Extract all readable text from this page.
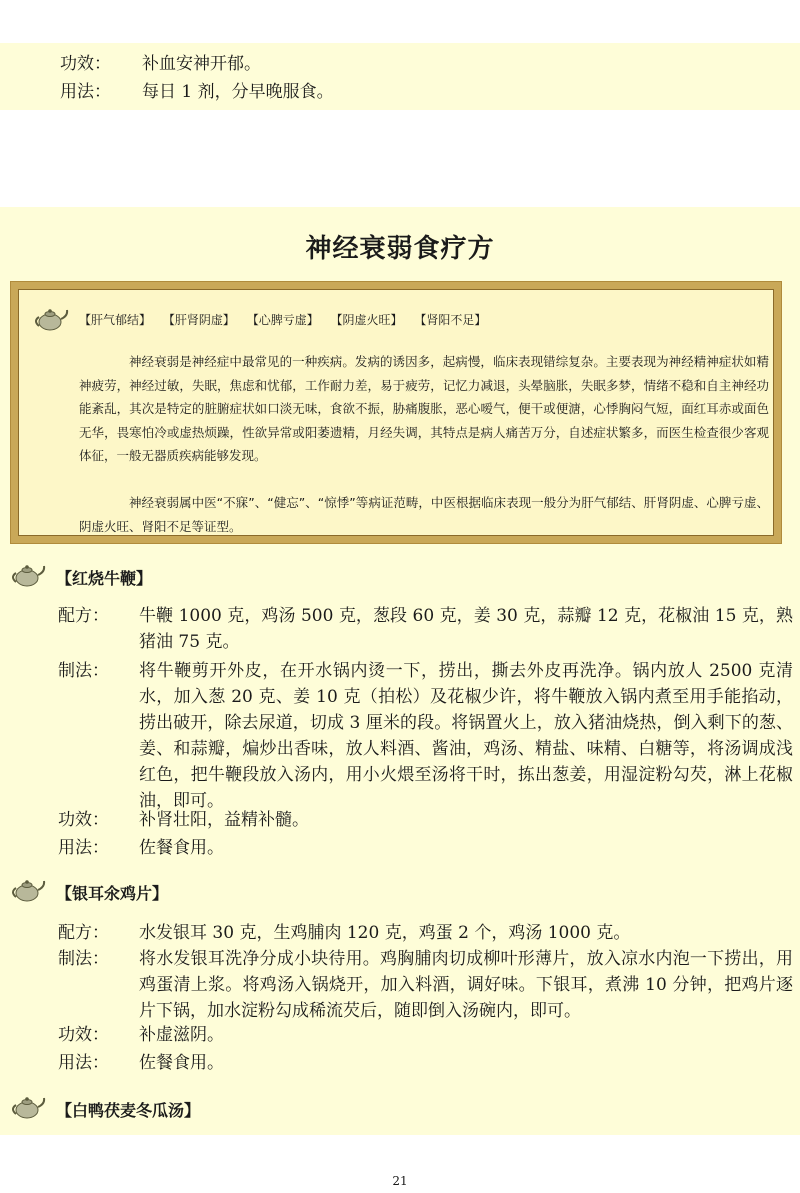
功效： 补血安神开郁。
用法： 每日 1 剂，分早晚服食。
神经衰弱食疗方
【肝气郁结】 【肝肾阴虚】 【心脾亏虚】 【阴虚火旺】 【肾阳不足】
神经衰弱是神经症中最常见的一种疾病。发病的诱因多，起病慢，临床表现错综复杂。主要表现为神经精神症状如精神疲劳，神经过敏，失眠，焦虑和忧郁，工作耐力差，易于疲劳，记忆力减退，头晕脑胀，失眠多梦，情绪不稳和自主神经功能紊乱，其次是特定的脏腑症状如口淡无味，食欲不振，胁痛腹胀，恶心嗳气，便干或便溏，心悸胸闷气短，面红耳赤或面色无华，畏寒怕冷或虚热烦躁，性欲异常或阳萎遗精，月经失调，其特点是病人痛苦万分，自述症状繁多，而医生检查很少客观体征，一般无器质疾病能够发现。
神经衰弱属中医“不寐”、“健忘”、“惊悸”等病证范畴，中医根据临床表现一般分为肝气郁结、肝肾阴虚、心脾亏虚、阴虚火旺、肾阳不足等证型。
【红烧牛鞭】
配方： 牛鞭 1000 克，鸡汤 500 克，葱段 60 克，姜 30 克，蒜瓣 12 克，花椒油 15 克，熟猪油 75 克。
制法： 将牛鞭剪开外皮，在开水锅内烫一下，捞出，撕去外皮再洗净。锅内放人 2500 克清水，加入葱 20 克、姜 10 克（拍松）及花椒少许，将牛鞭放入锅内煮至用手能掐动，捞出破开，除去尿道，切成 3 厘米的段。将锅置火上，放入猪油烧热，倒入剩下的葱、姜、和蒜瓣，煸炒出香味，放人料酒、酱油，鸡汤、精盐、味精、白糖等，将汤调成浅红色，把牛鞭段放入汤内，用小火煨至汤将干时，拣出葱姜，用湿淀粉勾芡，淋上花椒油，即可。
功效： 补肾壮阳，益精补髓。
用法： 佐餐食用。
【银耳氽鸡片】
配方： 水发银耳 30 克，生鸡脯肉 120 克，鸡蛋 2 个，鸡汤 1000 克。
制法： 将水发银耳洗净分成小块待用。鸡胸脯肉切成柳叶形薄片，放入凉水内泡一下捞出，用鸡蛋清上浆。将鸡汤入锅烧开，加入料酒，调好味。下银耳，煮沸 10 分钟，把鸡片逐片下锅，加水淀粉勾成稀流芡后，随即倒入汤碗内，即可。
功效： 补虚滋阴。
用法： 佐餐食用。
【白鸭茯麦冬瓜汤】
21
